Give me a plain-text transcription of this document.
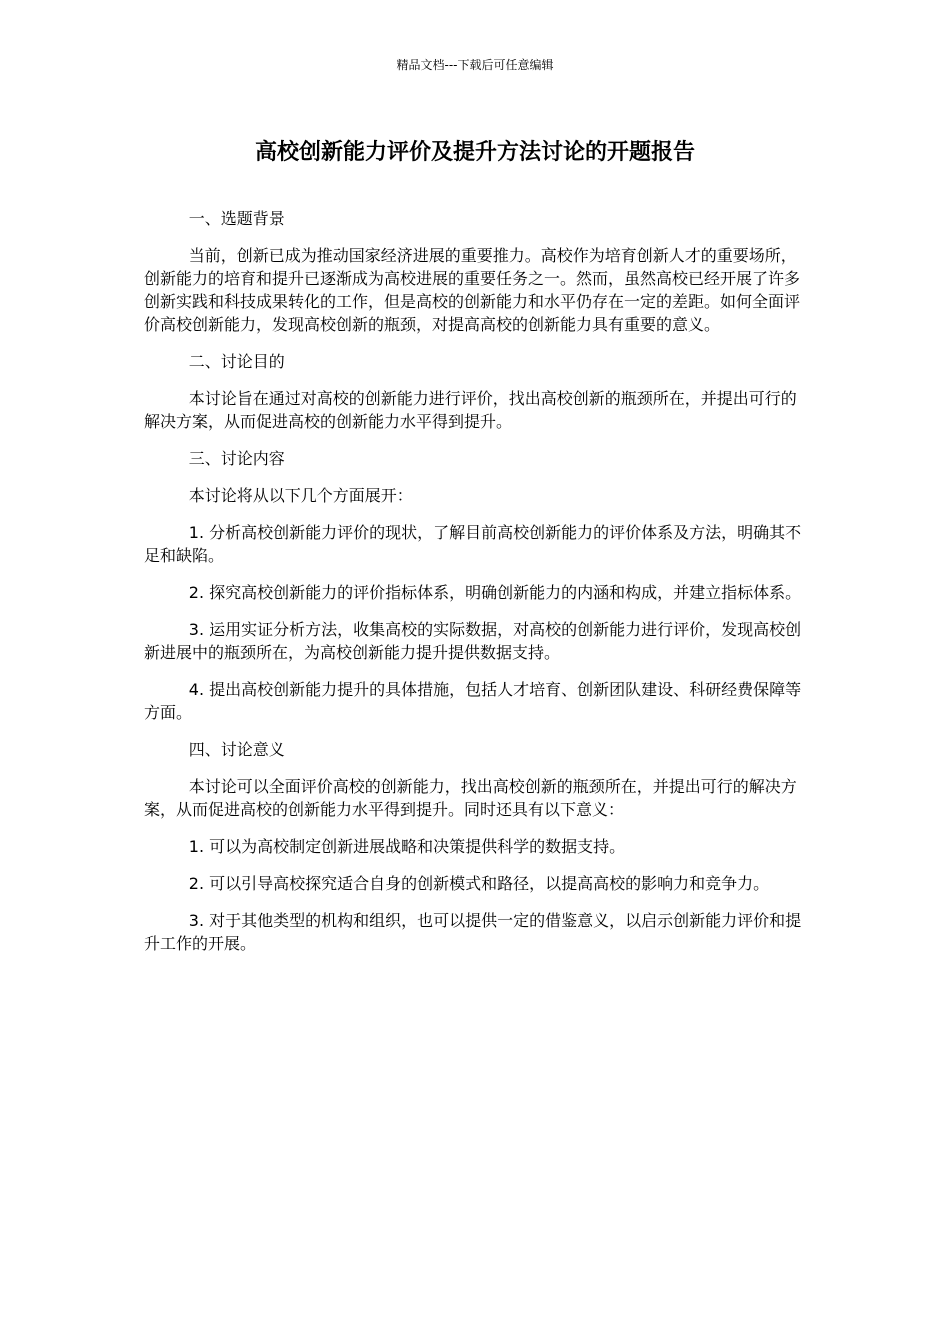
精品文档---下载后可任意编辑
高校创新能力评价及提升方法讨论的开题报告

一、选题背景

当前，创新已成为推动国家经济进展的重要推力。高校作为培育创新人才的重要场所，创新能力的培育和提升已逐渐成为高校进展的重要任务之一。然而，虽然高校已经开展了许多创新实践和科技成果转化的工作，但是高校的创新能力和水平仍存在一定的差距。如何全面评价高校创新能力，发现高校创新的瓶颈，对提高高校的创新能力具有重要的意义。

二、讨论目的

本讨论旨在通过对高校的创新能力进行评价，找出高校创新的瓶颈所在，并提出可行的解决方案，从而促进高校的创新能力水平得到提升。

三、讨论内容

本讨论将从以下几个方面展开：

1. 分析高校创新能力评价的现状，了解目前高校创新能力的评价体系及方法，明确其不足和缺陷。

2. 探究高校创新能力的评价指标体系，明确创新能力的内涵和构成，并建立指标体系。

3. 运用实证分析方法，收集高校的实际数据，对高校的创新能力进行评价，发现高校创新进展中的瓶颈所在，为高校创新能力提升提供数据支持。

4. 提出高校创新能力提升的具体措施，包括人才培育、创新团队建设、科研经费保障等方面。

四、讨论意义

本讨论可以全面评价高校的创新能力，找出高校创新的瓶颈所在，并提出可行的解决方案，从而促进高校的创新能力水平得到提升。同时还具有以下意义：

1. 可以为高校制定创新进展战略和决策提供科学的数据支持。

2. 可以引导高校探究适合自身的创新模式和路径，以提高高校的影响力和竞争力。

3. 对于其他类型的机构和组织，也可以提供一定的借鉴意义，以启示创新能力评价和提升工作的开展。
